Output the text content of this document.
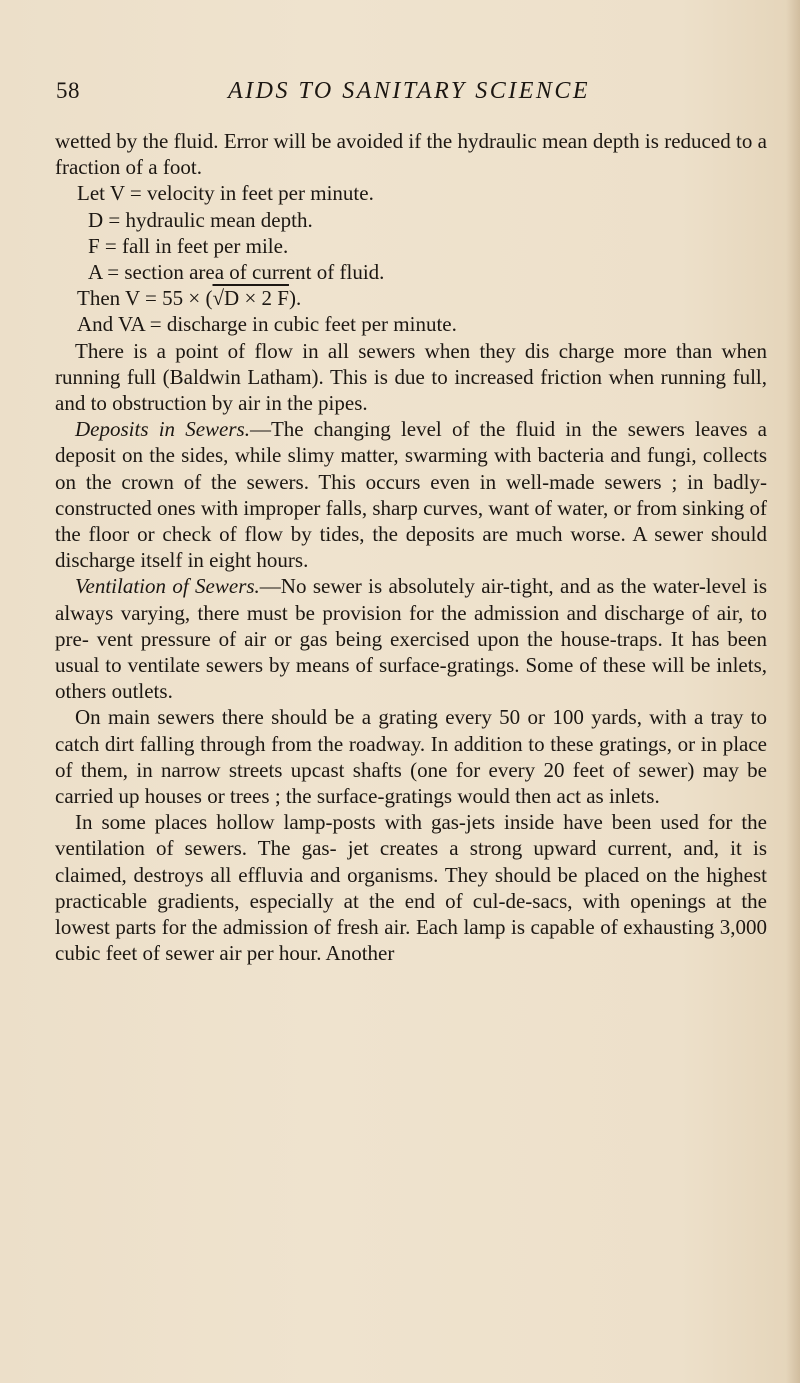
58	AIDS TO SANITARY SCIENCE

wetted by the fluid. Error will be avoided if the hydraulic mean depth is reduced to a fraction of a foot.

Let V = velocity in feet per minute.
D = hydraulic mean depth.
F = fall in feet per mile.
A = section area of current of fluid.
Then V = 55 × (√D × 2 F).
And VA = discharge in cubic feet per minute.

There is a point of flow in all sewers when they dis charge more than when running full (Baldwin Latham). This is due to increased friction when running full, and to obstruction by air in the pipes.

Deposits in Sewers.—The changing level of the fluid in the sewers leaves a deposit on the sides, while slimy matter, swarming with bacteria and fungi, collects on the crown of the sewers. This occurs even in well-made sewers ; in badly-constructed ones with improper falls, sharp curves, want of water, or from sinking of the floor or check of flow by tides, the deposits are much worse. A sewer should discharge itself in eight hours.

Ventilation of Sewers.—No sewer is absolutely air-tight, and as the water-level is always varying, there must be provision for the admission and discharge of air, to pre- vent pressure of air or gas being exercised upon the house-traps. It has been usual to ventilate sewers by means of surface-gratings. Some of these will be inlets, others outlets.

On main sewers there should be a grating every 50 or 100 yards, with a tray to catch dirt falling through from the roadway. In addition to these gratings, or in place of them, in narrow streets upcast shafts (one for every 20 feet of sewer) may be carried up houses or trees ; the surface-gratings would then act as inlets.

In some places hollow lamp-posts with gas-jets inside have been used for the ventilation of sewers. The gas- jet creates a strong upward current, and, it is claimed, destroys all effluvia and organisms. They should be placed on the highest practicable gradients, especially at the end of cul-de-sacs, with openings at the lowest parts for the admission of fresh air. Each lamp is capable of exhausting 3,000 cubic feet of sewer air per hour. Another
